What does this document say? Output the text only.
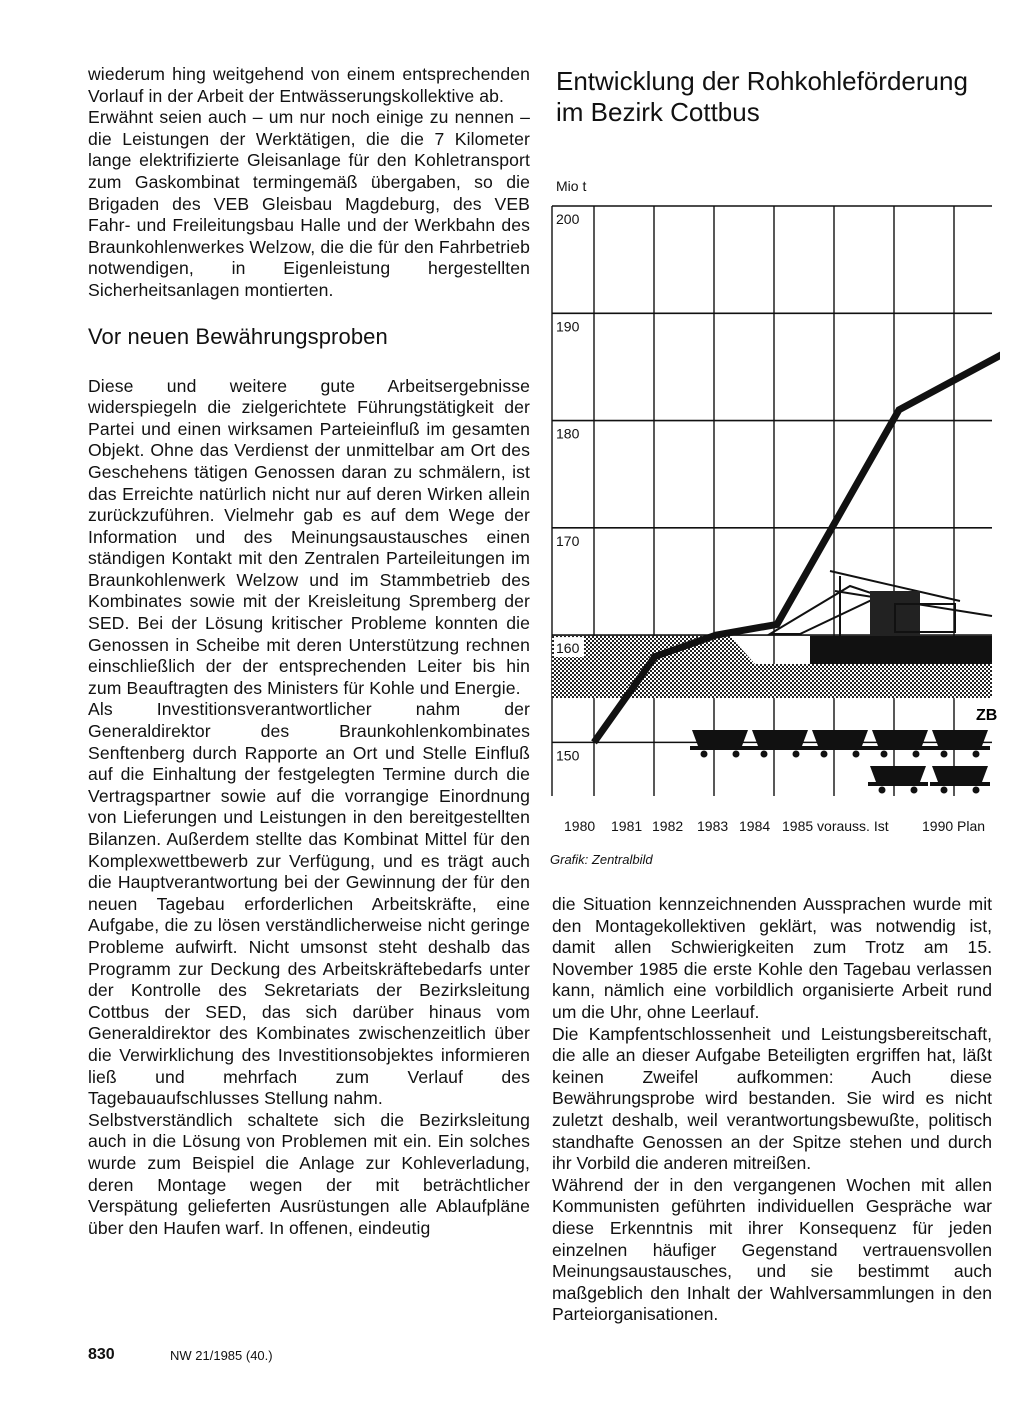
wiederum hing weitgehend von einem entsprechenden Vorlauf in der Arbeit der Entwässerungskollektive ab.

Erwähnt seien auch – um nur noch einige zu nennen – die Leistungen der Werktätigen, die die 7 Kilometer lange elektrifizierte Gleisanlage für den Kohletransport zum Gaskombinat termingemäß übergaben, so die Brigaden des VEB Gleisbau Magdeburg, des VEB Fahr- und Freileitungsbau Halle und der Werkbahn des Braunkohlenwerkes Welzow, die die für den Fahrbetrieb notwendigen, in Eigenleistung hergestellten Sicherheitsanlagen montierten.

Vor neuen Bewährungsproben

Diese und weitere gute Arbeitsergebnisse widerspiegeln die zielgerichtete Führungstätigkeit der Partei und einen wirksamen Parteieinfluß im gesamten Objekt. Ohne das Verdienst der unmittelbar am Ort des Geschehens tätigen Genossen daran zu schmälern, ist das Erreichte natürlich nicht nur auf deren Wirken allein zurückzuführen. Vielmehr gab es auf dem Wege der Information und des Meinungsaustausches einen ständigen Kontakt mit den Zentralen Parteileitungen im Braunkohlenwerk Welzow und im Stammbetrieb des Kombinates sowie mit der Kreisleitung Spremberg der SED. Bei der Lösung kritischer Probleme konnten die Genossen in Scheibe mit deren Unterstützung rechnen einschließlich der der entsprechenden Leiter bis hin zum Beauftragten des Ministers für Kohle und Energie.

Als Investitionsverantwortlicher nahm der Generaldirektor des Braunkohlenkombinates Senftenberg durch Rapporte an Ort und Stelle Einfluß auf die Einhaltung der festgelegten Termine durch die Vertragspartner sowie auf die vorrangige Einordnung von Lieferungen und Leistungen in den bereitgestellten Bilanzen. Außerdem stellte das Kombinat Mittel für den Komplexwettbewerb zur Verfügung, und es trägt auch die Hauptverantwortung bei der Gewinnung der für den neuen Tagebau erforderlichen Arbeitskräfte, eine Aufgabe, die zu lösen verständlicherweise nicht geringe Probleme aufwirft. Nicht umsonst steht deshalb das Programm zur Deckung des Arbeitskräftebedarfs unter der Kontrolle des Sekretariats der Bezirksleitung Cottbus der SED, das sich darüber hinaus vom Generaldirektor des Kombinates zwischenzeitlich über die Verwirklichung des Investitionsobjektes informieren ließ und mehrfach zum Verlauf des Tagebauaufschlusses Stellung nahm.

Selbstverständlich schaltete sich die Bezirksleitung auch in die Lösung von Problemen mit ein. Ein solches wurde zum Beispiel die Anlage zur Kohleverladung, deren Montage wegen der mit beträchtlicher Verspätung gelieferten Ausrüstungen alle Ablaufpläne über den Haufen warf. In offenen, eindeutig

Entwicklung der Rohkohleförderung
im Bezirk Cottbus
Mio t
ZB
200
190
180
170
160
150
1980 1981 1982 1983 1984 1985 vorauss. Ist 1990 Plan
Grafik: Zentralbild

die Situation kennzeichnenden Aussprachen wurde mit den Montagekollektiven geklärt, was notwendig ist, damit allen Schwierigkeiten zum Trotz am 15. November 1985 die erste Kohle den Tagebau verlassen kann, nämlich eine vorbildlich organisierte Arbeit rund um die Uhr, ohne Leerlauf.

Die Kampfentschlossenheit und Leistungsbereitschaft, die alle an dieser Aufgabe Beteiligten ergriffen hat, läßt keinen Zweifel aufkommen: Auch diese Bewährungsprobe wird bestanden. Sie wird es nicht zuletzt deshalb, weil verantwortungsbewußte, politisch standhafte Genossen an der Spitze stehen und durch ihr Vorbild die anderen mitreißen.

Während der in den vergangenen Wochen mit allen Kommunisten geführten individuellen Gespräche war diese Erkenntnis mit ihrer Konsequenz für jeden einzelnen häufiger Gegenstand vertrauensvollen Meinungsaustausches, und sie bestimmt auch maßgeblich den Inhalt der Wahlversammlungen in den Parteiorganisationen.

830	NW 21/1985 (40.)
